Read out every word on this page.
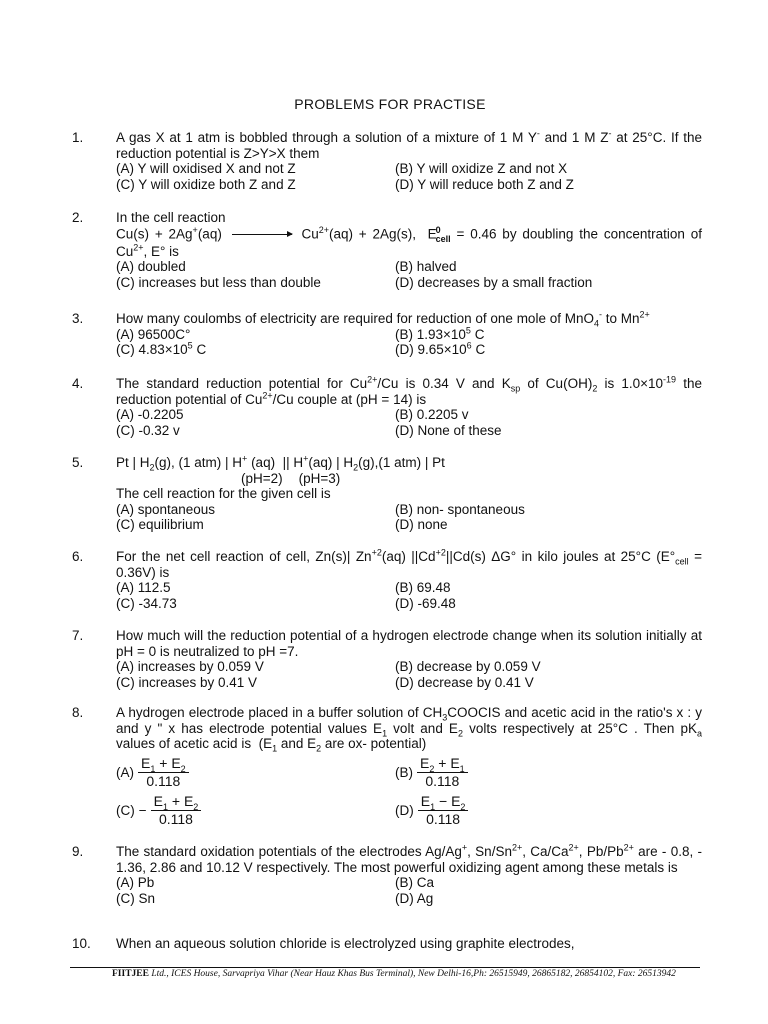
PROBLEMS FOR PRACTISE
1. A gas X at 1 atm is bobbled through a solution of a mixture of 1 M Y- and 1 M Z- at 25°C. If the reduction potential is Z>Y>X them
(A) Y will oxidised X and not Z	(B) Y will oxidize Z and not X
(C) Y will oxidize both Z and Z	(D) Y will reduce both Z and Z
2. In the cell reaction
Cu(s) + 2Ag+(aq)	$Cu^{2+}(aq) + 2Ag(s)$,  E 0
cell = 0.46 by doubling the concentration of $Cu^{2+}$, E° is
(A) doubled	(B) halved
(C) increases but less than double	(D) decreases by a small fraction
3. How many coulombs of electricity are required for reduction of one mole of MnO$_4$- to $Mn^{2+}$
(A) 96500C°	(B) $1.93\times 10^5$ C
(C) $4.83\times 10^5$ C	(D) $9.65\times 10^6$ C
4. The standard reduction potential for $Cu^{2+}/Cu$ is 0.34 V and $K_{sp}$ of $Cu(OH)_2$ is $1.0\times 10^{-19}$ the reduction potential of $Cu^{2+}/Cu$ couple at (pH = 14) is
(A) -0.2205	(B) 0.2205 v
(C) -0.32 v	(D) None of these
5. Pt | $H_2(g)$, (1 atm) | H+ (aq)  || H+(aq) | $H_2(g),(1$ atm) | Pt
(pH=2) (pH=3)
The cell reaction for the given cell is
(A) spontaneous	(B) non- spontaneous
(C) equilibrium	(D) none
6. For the net cell reaction of cell, Zn(s)| $Zn^{+2}(aq)$ $||Cd^{+2}||Cd(s)$ ΔG° in kilo joules at 25°C $(E^\circ_{cell} = 0.36V)$ is
(A) 112.5	(B) 69.48
(C) -34.73	(D) -69.48
7. How much will the reduction potential of a hydrogen electrode change when its solution initially at pH = 0 is neutralized to pH =7.
(A) increases by 0.059 V	(B) decrease by 0.059 V
(C) increases by 0.41 V	(D) decrease by 0.41 V
8. A hydrogen electrode placed in a buffer solution of $CH_3COOCIS$ and acetic acid in the ratio's x : y and y " x has electrode potential values $E_1$ volt and $E_2$ volts respectively at 25°C . Then $pK_a$ values of acetic acid is  ($E_1$ and $E_2$ are ox- potential)
$(A) \frac{E_1 + E_2}{0.118}$	$(B) \frac{E_2 + E_1}{0.118}$
$(C) - \frac{E_1 + E_2}{0.118}$	$(D) \frac{E_1 - E_2}{0.118}$
9. The standard oxidation potentials of the electrodes Ag/Ag+, $Sn/Sn^{2+}$, $Ca/Ca^{2+}$, $Pb/Pb^{2+}$ are - 0.8, - 1.36, 2.86 and 10.12 V respectively. The most powerful oxidizing agent among these metals is
(A) Pb	(B) Ca
(C) Sn	(D) Ag
10. When an aqueous solution chloride is electrolyzed using graphite electrodes,
FIITJEE Ltd., ICES House, Sarvapriya Vihar (Near Hauz Khas Bus Terminal), New Delhi-16,Ph: 26515949, 26865182, 26854102, Fax: 26513942
